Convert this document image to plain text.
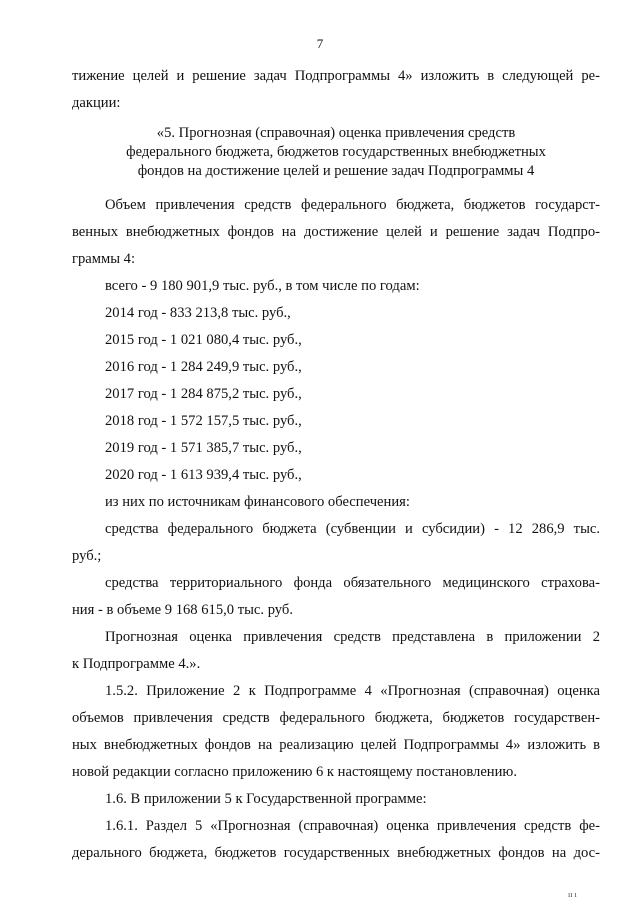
7

тижение целей и решение задач Подпрограммы 4» изложить в следующей ре-

дакции:

«5. Прогнозная (справочная) оценка привлечения средств

федерального бюджета, бюджетов государственных внебюджетных

фондов на достижение целей и решение задач Подпрограммы 4

Объем привлечения средств федерального бюджета, бюджетов государст-

венных внебюджетных фондов на достижение целей и решение задач Подпро-

граммы 4:

всего - 9 180 901,9 тыс. руб., в том числе по годам:

2014 год - 833 213,8 тыс. руб.,

2015 год - 1 021 080,4 тыс. руб.,

2016 год - 1 284 249,9 тыс. руб.,

2017 год - 1 284 875,2 тыс. руб.,

2018 год - 1 572 157,5 тыс. руб.,

2019 год - 1 571 385,7 тыс. руб.,

2020 год - 1 613 939,4 тыс. руб.,

из них по источникам финансового обеспечения:

средства федерального бюджета (субвенции и субсидии) - 12 286,9 тыс.

руб.;

средства территориального фонда обязательного медицинского страхова-

ния - в объеме 9 168 615,0 тыс. руб.

Прогнозная оценка привлечения средств представлена в приложении 2

к Подпрограмме 4.».

1.5.2. Приложение 2 к Подпрограмме 4 «Прогнозная (справочная) оценка

объемов привлечения средств федерального бюджета, бюджетов государствен-

ных внебюджетных фондов на реализацию целей Подпрограммы 4» изложить в

новой редакции согласно приложению 6 к настоящему постановлению.

1.6. В приложении 5 к Государственной программе:

1.6.1. Раздел 5 «Прогнозная (справочная) оценка привлечения средств фе-

дерального бюджета, бюджетов государственных внебюджетных фондов на дос-

ıı ı
